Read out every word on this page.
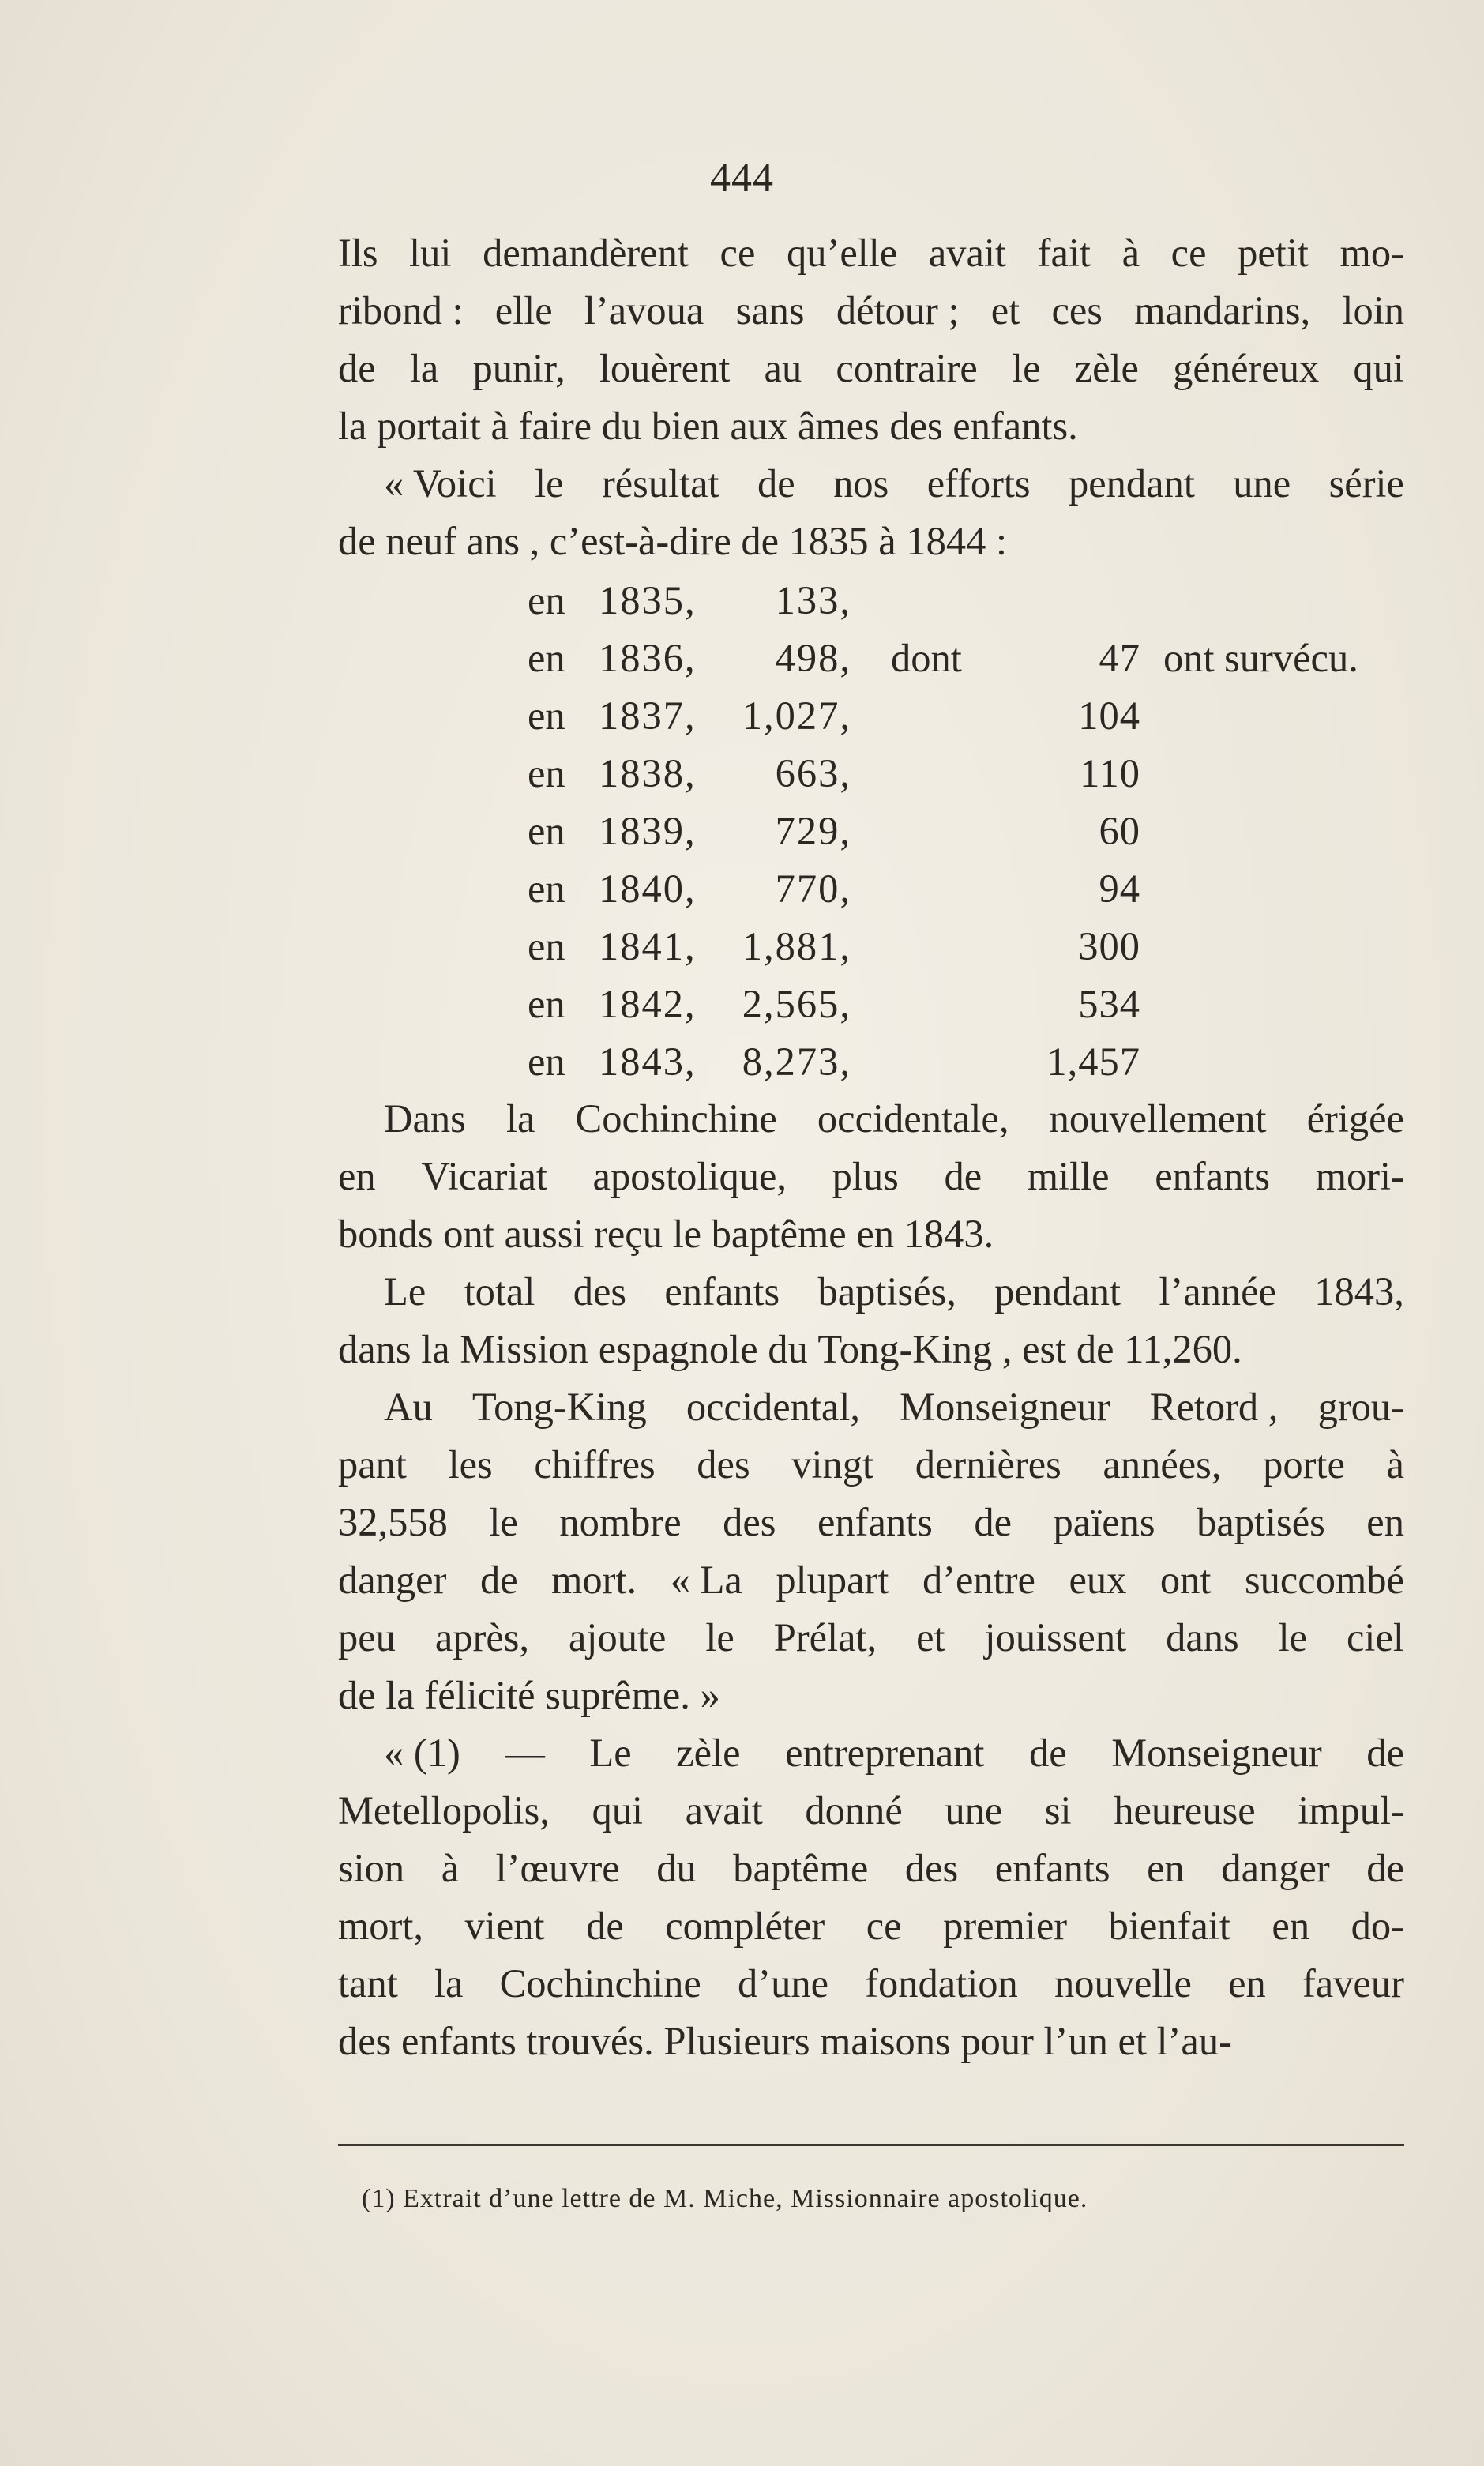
444
Ils lui demandèrent ce qu’elle avait fait à ce petit mo-
ribond : elle l’avoua sans détour ; et ces mandarins, loin
de la punir, louèrent au contraire le zèle généreux qui
la
portait
à
faire
du
bien
aux
âmes
des
enfants.
« Voici le résultat de nos efforts pendant une série
de
neuf
ans ,
c’est-à-dire
de
1835
à
1844 :
en 1835,	133,
en 1836,	498, dont	47 ont survécu.
en 1837,	1,027,	104
en 1838,	663,	110
en 1839,	729,	60
en 1840,	770,	94
en 1841,	1,881,	300
en 1842,	2,565,	534
en 1843,	8,273,	1,457
Dans la Cochinchine occidentale, nouvellement érigée
en Vicariat apostolique, plus de mille enfants mori-
bonds
ont
aussi
reçu
le
baptême
en
1843.
Le total des enfants baptisés, pendant l’année 1843,
dans
la
Mission
espagnole
du
Tong-King ,
est
de
11,260.
Au Tong-King occidental, Monseigneur Retord , grou-
pant les chiffres des vingt dernières années, porte à
32,558 le nombre des enfants de païens baptisés en
danger de mort. « La plupart d’entre eux ont succombé
peu après, ajoute le Prélat, et jouissent dans le ciel
de
la
félicité
suprême. »
« (1) — Le zèle entreprenant de Monseigneur de
Metellopolis, qui avait donné une si heureuse impul-
sion à l’œuvre du baptême des enfants en danger de
mort, vient de compléter ce premier bienfait en do-
tant la Cochinchine d’une fondation nouvelle en faveur
des
enfants
trouvés.
Plusieurs
maisons
pour
l’un
et
l’au-
(1) Extrait d’une lettre de M. Miche, Missionnaire apostolique.
